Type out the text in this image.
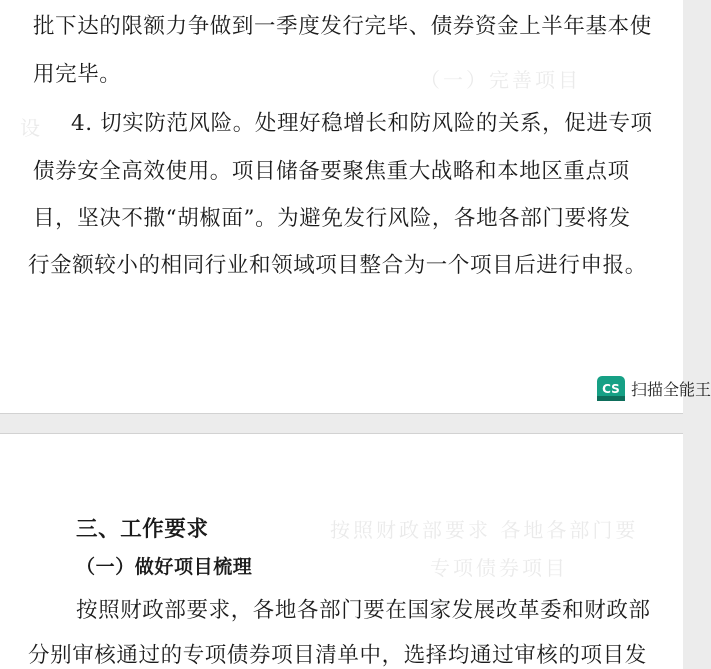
（一）完善项目
设
批下达的限额力争做到一季度发行完毕、债券资金上半年基本使
用完毕。
4. 切实防范风险。处理好稳增长和防风险的关系，促进专项
债券安全高效使用。项目储备要聚焦重大战略和本地区重点项
目，坚决不撒“胡椒面”。为避免发行风险，各地各部门要将发
行金额较小的相同行业和领域项目整合为一个项目后进行申报。
CS 扫描全能王
按照财政部要求 各地各部门要
专项债券项目
三、工作要求
（一）做好项目梳理
按照财政部要求，各地各部门要在国家发展改革委和财政部
分别审核通过的专项债券项目清单中，选择均通过审核的项目发
